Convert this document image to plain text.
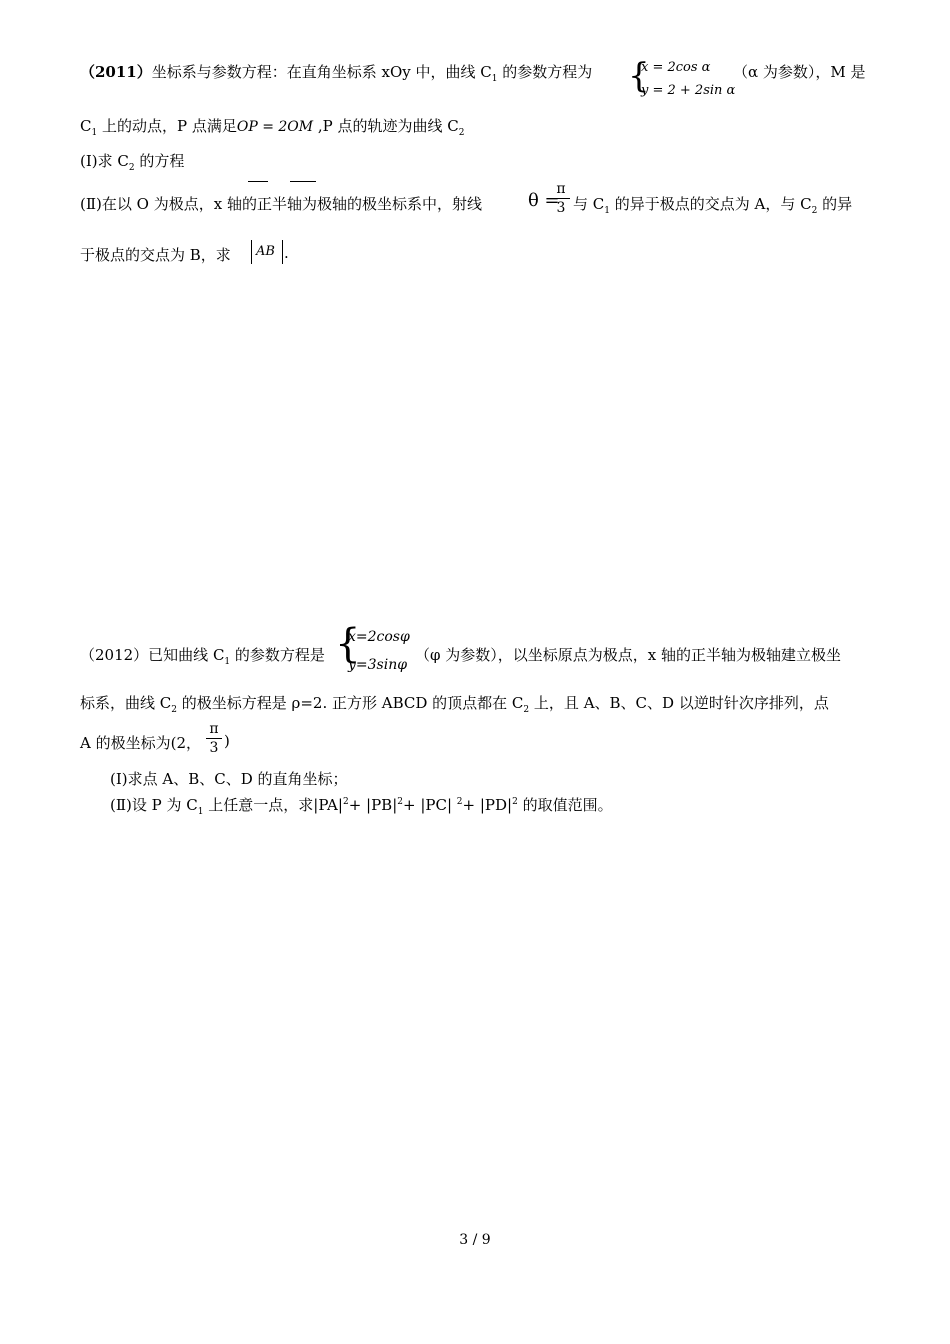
（2011）坐标系与参数方程：在直角坐标系 xOy 中，曲线 $C_1$ 的参数方程为	{
x = 2cos α
y = 2 + 2sin α
（α 为参数），M 是
$C_1$ 上的动点，P 点满足OP = 2OM ,P 点的轨迹为曲线 $C_2$
(Ⅰ)求 $C_2$ 的方程
(Ⅱ)在以 O 为极点，x 轴的正半轴为极轴的极坐标系中，射线	θ =
$\frac{\pi}{3}$ 与 $C_1$ 的异于极点的交点为 A，与 $C_2$ 的异
于极点的交点为 B，求	AB .
（2012）已知曲线 $C_1$ 的参数方程是 {
x=2cosφ
y=3sinφ
（φ 为参数），以坐标原点为极点，x 轴的正半轴为极轴建立极坐
标系，曲线 $C_2$ 的极坐标方程是 ρ=2. 正方形 ABCD 的顶点都在 $C_2$ 上，且 A、B、C、D 以逆时针次序排列，点
A 的极坐标为(2， $\frac{\pi}{3}$ )
(Ⅰ)求点 A、B、C、D 的直角坐标；
(Ⅱ)设 P 为 $C_1$ 上任意一点，求$|PA|^2+ |PB|^2+ |PC|$ $^2+ |PD|^2$ 的取值范围。
3 / 9
